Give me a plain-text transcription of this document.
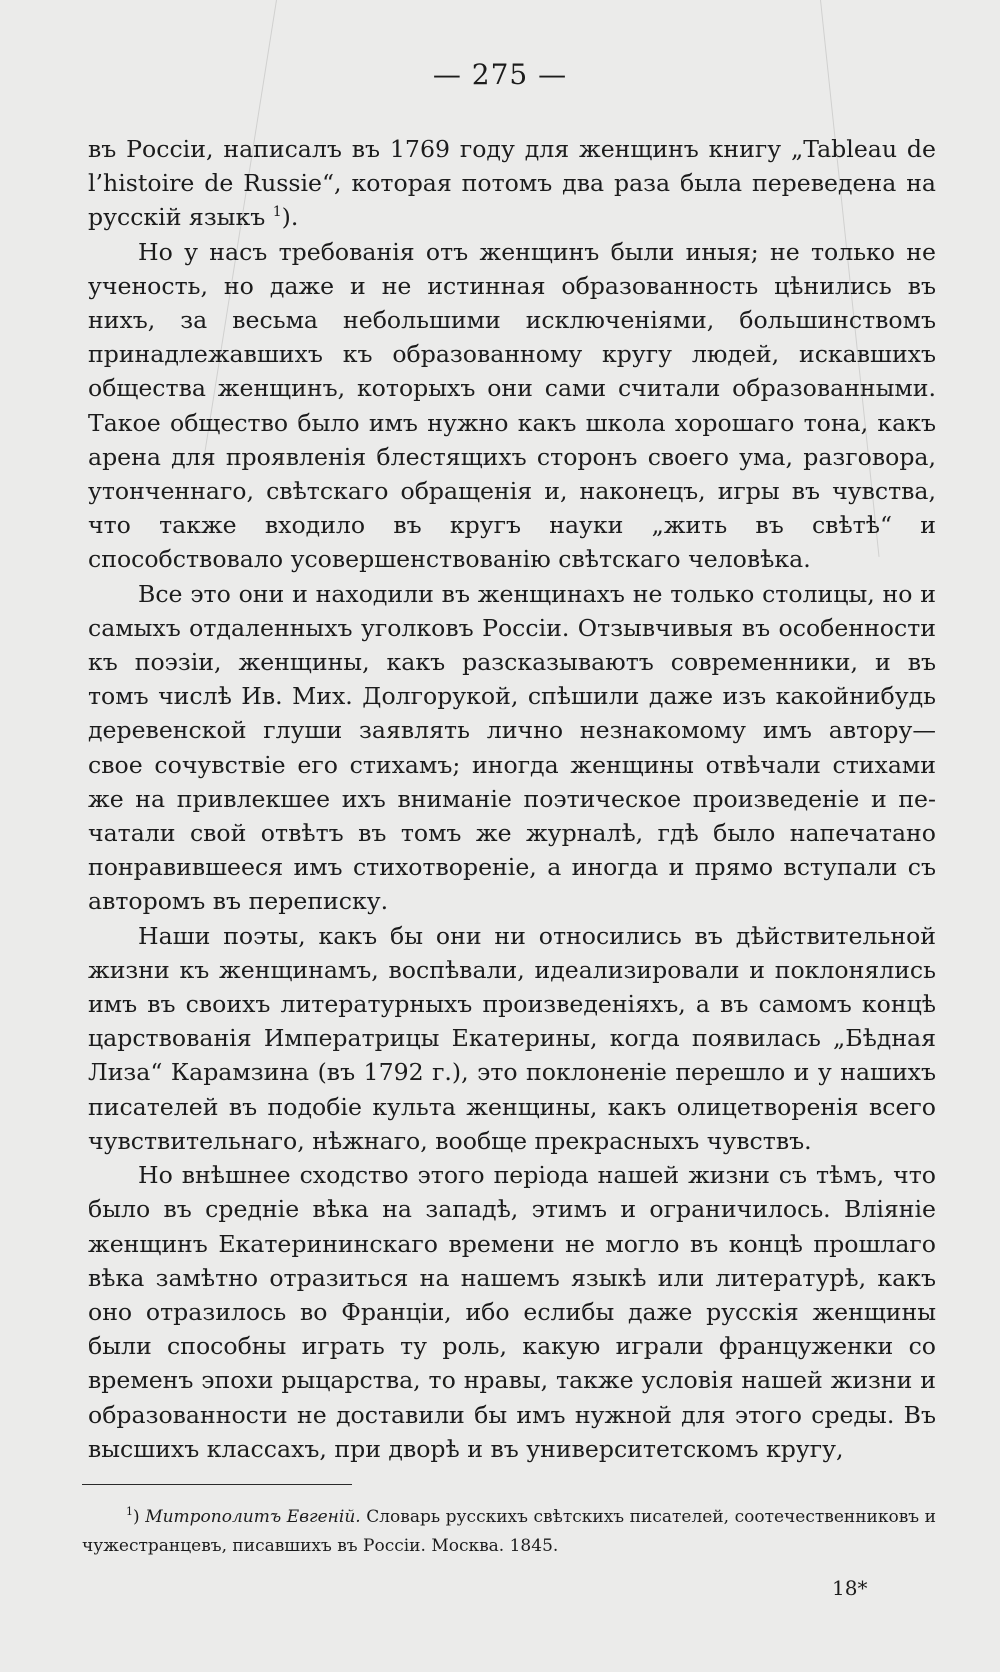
— 275 —

въ Россіи, написалъ въ 1769 году для женщинъ книгу „Tableau de l’histoire de Russie“, которая потомъ два раза была переведена на русскій языкъ $^1$).

Но у насъ требованія отъ женщинъ были иныя; не только не ученость, но даже и не истинная образованность цѣнились въ нихъ, за весьма небольшими исключеніями, большинствомъ принадлежавшихъ къ образованному кругу людей, искавшихъ общества женщинъ, которыхъ они сами считали образованными. Такое общество было имъ нужно какъ школа хорошаго тона, какъ арена для проявленія блестящихъ сторонъ своего ума, разговора, утонченнаго, свѣтскаго обращенія и, наконецъ, игры въ чувства, что также входило въ кругъ науки „жить въ свѣтѣ“ и способствовало усовершенствованію свѣтскаго человѣка.

Все это они и находили въ женщинахъ не только столицы, но и самыхъ отдаленныхъ уголковъ Россіи. Отзывчивыя въ особенности къ поэзіи, женщины, какъ разсказываютъ современники, и въ томъ числѣ Ив. Мих. Долгорукой, спѣшили даже изъ какойнибудь деревенской глуши заявлять лично незнакомому имъ автору— свое сочувствіе его стихамъ; иногда женщины отвѣчали стихами же на привлекшее ихъ вниманіе поэтическое произведеніе и печатали свой отвѣтъ въ томъ же журналѣ, гдѣ было напечатано понравившееся имъ стихотвореніе, а иногда и прямо вступали съ авторомъ въ переписку.

Наши поэты, какъ бы они ни относились въ дѣйствительной жизни къ женщинамъ, воспѣвали, идеализировали и поклонялись имъ въ своихъ литературныхъ произведеніяхъ, а въ самомъ концѣ царствованія Императрицы Екатерины, когда появилась „Бѣдная Лиза“ Карамзина (въ 1792 г.), это поклоненіе перешло и у нашихъ писателей въ подобіе культа женщины, какъ олицетворенія всего чувствительнаго, нѣжнаго, вообще прекрасныхъ чувствъ.

Но внѣшнее сходство этого періода нашей жизни съ тѣмъ, что было въ средніе вѣка на западѣ, этимъ и ограничилось. Вліяніе женщинъ Екатерининскаго времени не могло въ концѣ прошлаго вѣка замѣтно отразиться на нашемъ языкѣ или литературѣ, какъ оно отразилось во Франціи, ибо еслибы даже русскія женщины были способны играть ту роль, какую играли француженки со временъ эпохи рыцарства, то нравы, также условія нашей жизни и образованности не доставили бы имъ нужной для этого среды. Въ высшихъ классахъ, при дворѣ и въ университетскомъ кругу,

$^1$) Митрополитъ Евгеній. Словарь русскихъ свѣтскихъ писателей, соотечественниковъ и чужестранцевъ, писавшихъ въ Россіи. Москва. 1845.
18*
